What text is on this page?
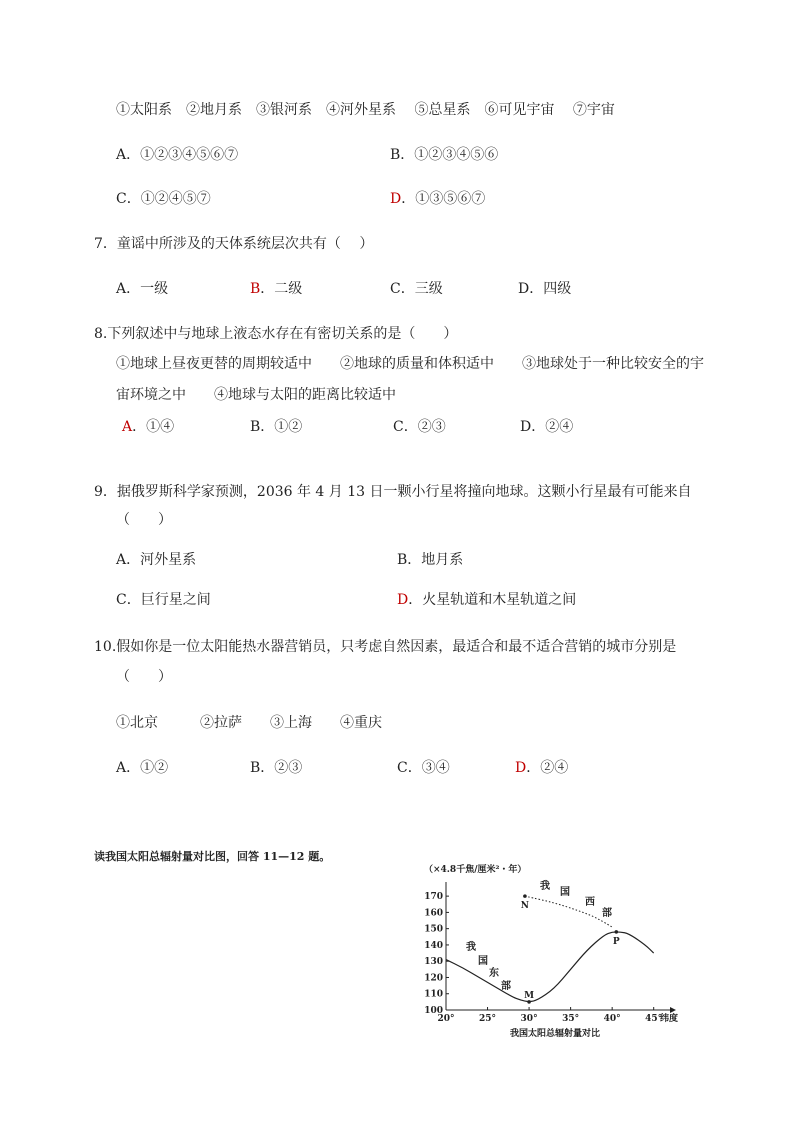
①太阳系　②地月系　③银河系　④河外星系　 ⑤总星系　⑥可见宇宙　 ⑦宇宙
A．①②③④⑤⑥⑦	B．①②③④⑤⑥
C．①②④⑤⑦	D．①③⑤⑥⑦
7．童谣中所涉及的天体系统层次共有（　 ）
A．一级	B．二级	C．三级	D．四级
8.下列叙述中与地球上液态水存在有密切关系的是（　　）
①地球上昼夜更替的周期较适中　　②地球的质量和体积适中　　③地球处于一种比较安全的宇
宙环境之中　　④地球与太阳的距离比较适中
A．①④	B．①②	C．②③	D．②④
9．据俄罗斯科学家预测，2036 年 4 月 13 日一颗小行星将撞向地球。这颗小行星最有可能来自
（　　）
A．河外星系	B．地月系
C．巨行星之间	D．火星轨道和木星轨道之间
10.假如你是一位太阳能热水器营销员，只考虑自然因素，最适合和最不适合营销的城市分别是
（　　）
①北京　　　②拉萨　　③上海　　④重庆
A．①②	B．②③	C．③④	D．②④
读我国太阳总辐射量对比图，回答 11—12 题。
（×4.8千焦/厘米²・年）
100
110
120
130
140
150
160
170
20°	25°	30°	35°	40°	45°
纬度
N
P
M
我
国
东
部
我
国
西
部
我国太阳总辐射量对比
